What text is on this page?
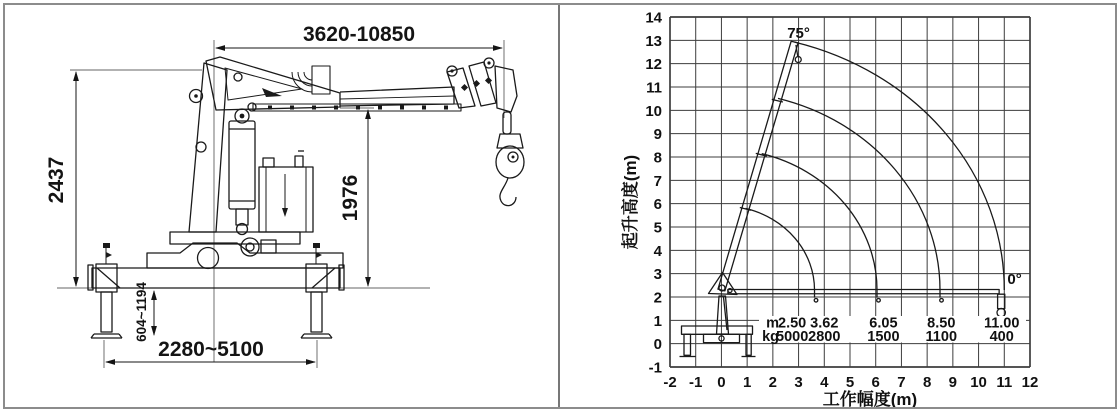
3620-10850
2437	1976
604~1194
2280~5100
-2 -1 0 1 2 3 4 5 6 7 8 9 10 11 12
-1
0
1
2
3
4
5
6
7
8
9
10
11
12
13
14
工作幅度(m)
起升高度(m)
75°
0°
m
kg
2.50 3.62 6.05 8.50 11.00
5000 2800 1500 1100 400
